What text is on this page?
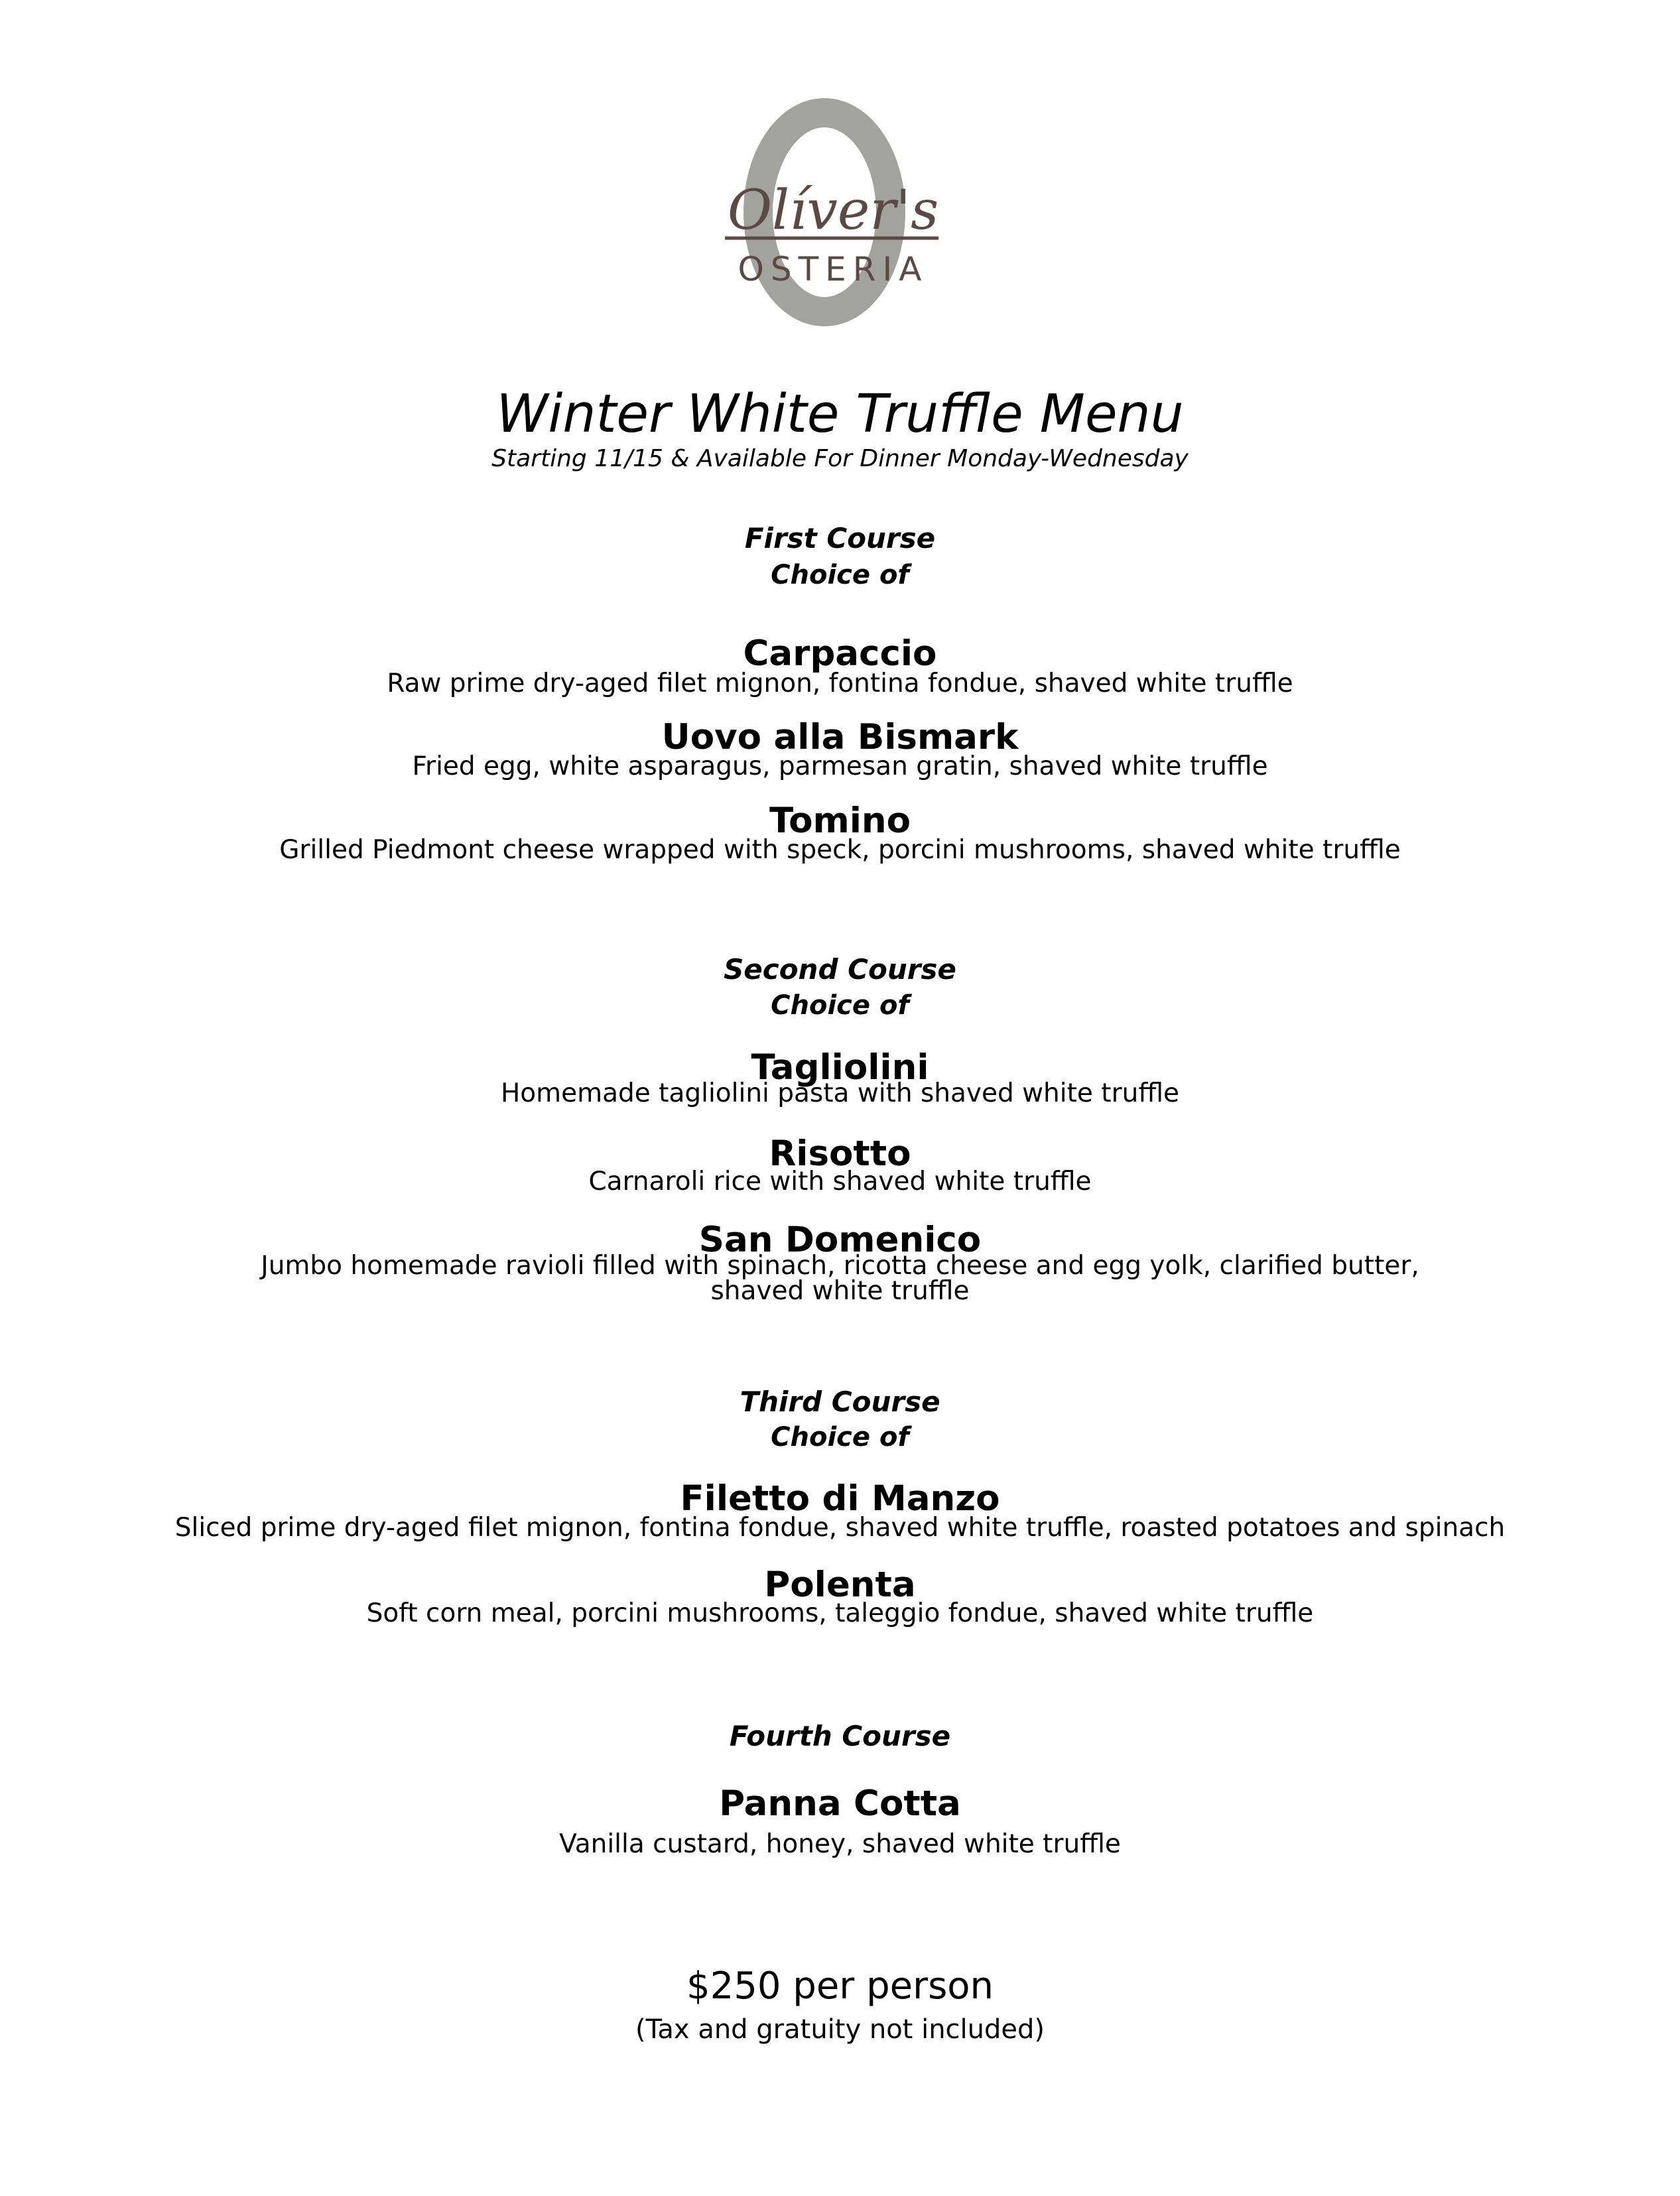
Olíver's
OSTERIA
Winter White Truffle Menu
Starting 11/15 & Available For Dinner Monday-Wednesday
First Course
Choice of
Carpaccio
Raw prime dry-aged filet mignon, fontina fondue, shaved white truffle
Uovo alla Bismark
Fried egg, white asparagus, parmesan gratin, shaved white truffle
Tomino
Grilled Piedmont cheese wrapped with speck, porcini mushrooms, shaved white truffle
Second Course
Choice of
Tagliolini
Homemade tagliolini pasta with shaved white truffle
Risotto
Carnaroli rice with shaved white truffle
San Domenico
Jumbo homemade ravioli filled with spinach, ricotta cheese and egg yolk, clarified butter, shaved white truffle
Third Course
Choice of
Filetto di Manzo
Sliced prime dry-aged filet mignon, fontina fondue, shaved white truffle, roasted potatoes and spinach
Polenta
Soft corn meal, porcini mushrooms, taleggio fondue, shaved white truffle
Fourth Course
Panna Cotta
Vanilla custard, honey, shaved white truffle
$250 per person
(Tax and gratuity not included)
